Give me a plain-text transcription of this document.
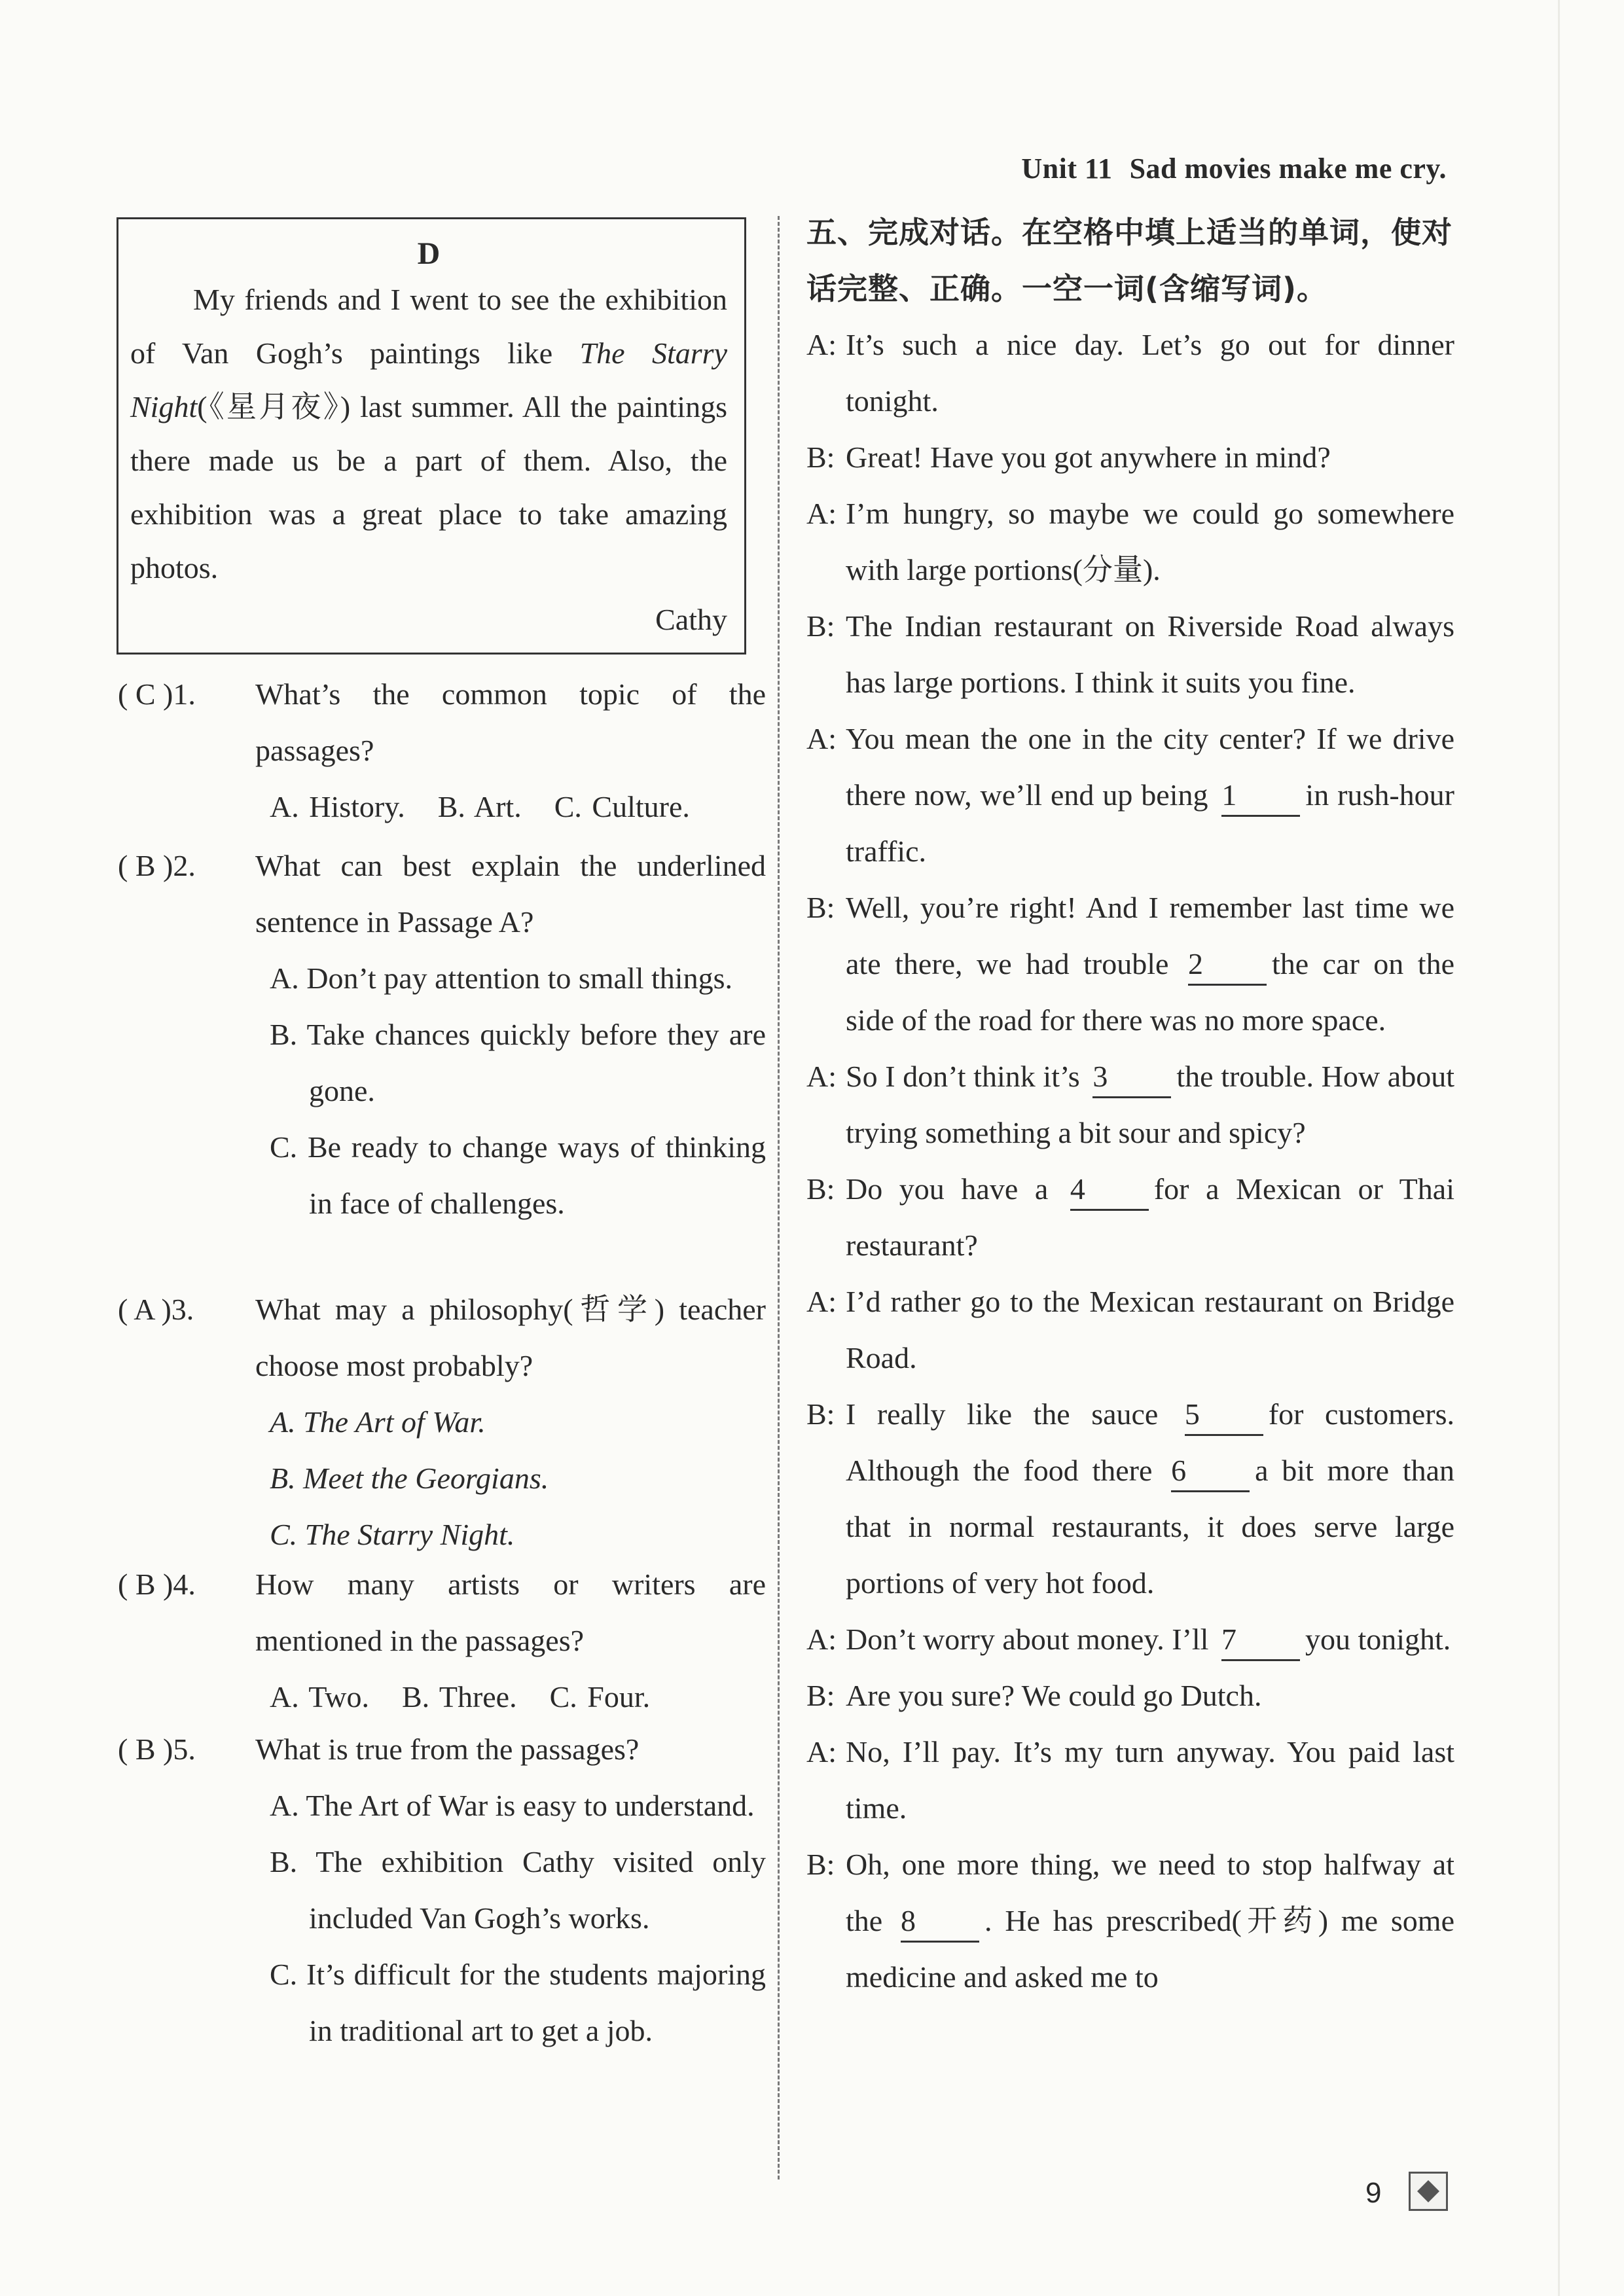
Unit 11 Sad movies make me cry.
D
My friends and I went to see the exhibition of Van Gogh’s paintings like The Starry Night(《星月夜》) last summer. All the paintings there made us be a part of them. Also, the exhibition was a great place to take amazing photos.
Cathy
( C )1.	What’s the common topic of the passages?
A. History. B. Art. C. Culture.
( B )2.	What can best explain the underlined sentence in Passage A?
A. Don’t pay attention to small things.
B. Take chances quickly before they are gone.
C. Be ready to change ways of thinking in face of challenges.
( A )3.	What may a philosophy(哲学) teacher choose most probably?
A. The Art of War.
B. Meet the Georgians.
C. The Starry Night.
( B )4.	How many artists or writers are mentioned in the passages?
A. Two. B. Three. C. Four.
( B )5.	What is true from the passages?
A. The Art of War is easy to understand.
B. The exhibition Cathy visited only included Van Gogh’s works.
C. It’s difficult for the students majoring in traditional art to get a job.
五、完成对话。在空格中填上适当的单词，使对话完整、正确。一空一词(含缩写词)。
A: It’s such a nice day. Let’s go out for dinner tonight.
B: Great! Have you got anywhere in mind?
A: I’m hungry, so maybe we could go somewhere with large portions(分量).
B: The Indian restaurant on Riverside Road always has large portions. I think it suits you fine.
A: You mean the one in the city center? If we drive there now, we’ll end up being 1 in rush-hour traffic.
B: Well, you’re right! And I remember last time we ate there, we had trouble 2 the car on the side of the road for there was no more space.
A: So I don’t think it’s 3 the trouble. How about trying something a bit sour and spicy?
B: Do you have a 4 for a Mexican or Thai restaurant?
A: I’d rather go to the Mexican restaurant on Bridge Road.
B: I really like the sauce 5 for customers. Although the food there 6 a bit more than that in normal restaurants, it does serve large portions of very hot food.
A: Don’t worry about money. I’ll 7 you tonight.
B: Are you sure? We could go Dutch.
A: No, I’ll pay. It’s my turn anyway. You paid last time.
B: Oh, one more thing, we need to stop halfway at the 8 . He has prescribed(开药) me some medicine and asked me to
9
